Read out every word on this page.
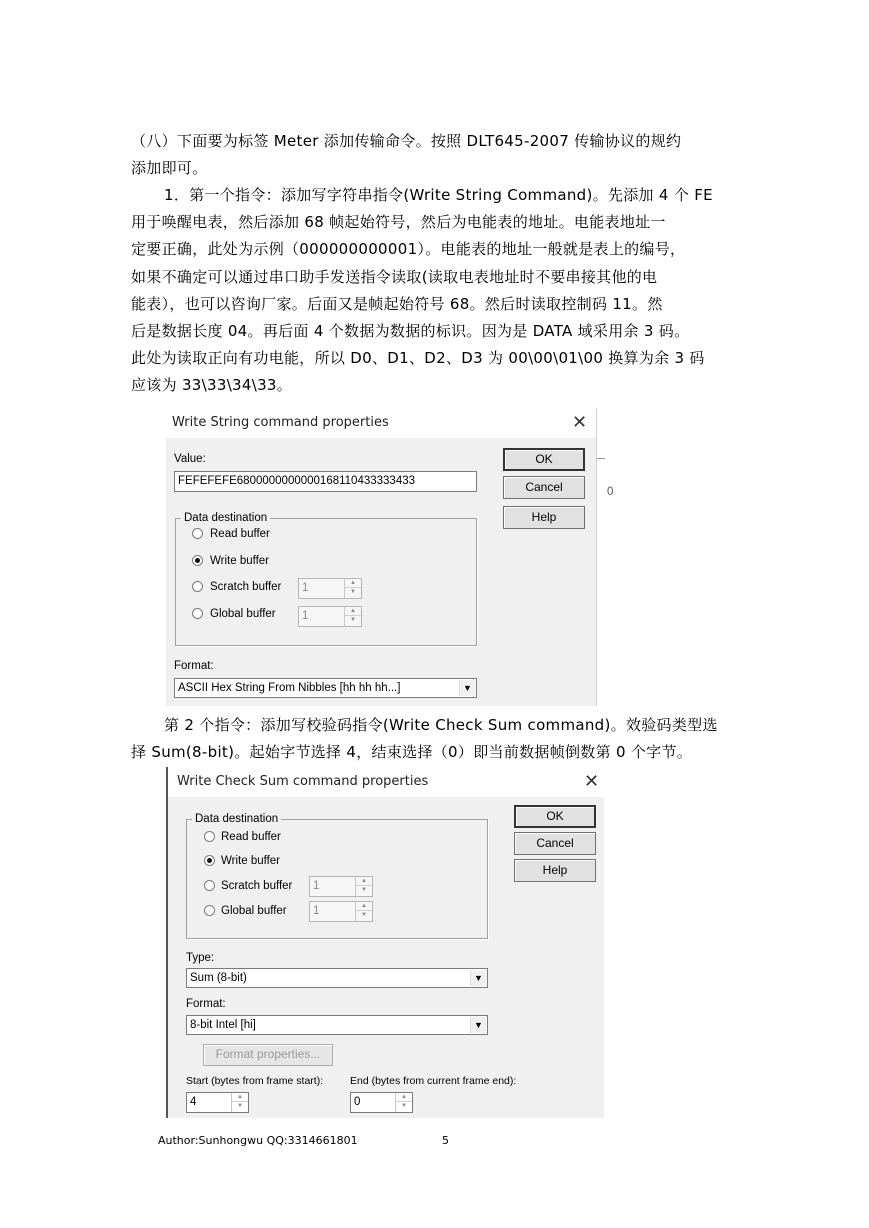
（八）下面要为标签 Meter 添加传输命令。按照 DLT645-2007 传输协议的规约
添加即可。
1．第一个指令：添加写字符串指令(Write String Command)。先添加 4 个 FE
用于唤醒电表，然后添加 68 帧起始符号，然后为电能表的地址。电能表地址一
定要正确，此处为示例（000000000001）。电能表的地址一般就是表上的编号，
如果不确定可以通过串口助手发送指令读取(读取电表地址时不要串接其他的电
能表），也可以咨询厂家。后面又是帧起始符号 68。然后时读取控制码 11。然
后是数据长度 04。再后面 4 个数据为数据的标识。因为是 DATA 域采用余 3 码。
此处为读取正向有功电能，所以 D0、D1、D2、D3 为 00\00\01\00 换算为余 3 码
应该为 33\33\34\33。
Write String command properties	✕
0
Value:
FEFEFEFE6800000000000168110433333433
OK
Cancel
Help
Data destination
Read buffer
Write buffer
Scratch buffer 1	▲
▼
Global buffer 1	▲
▼
Format:
ASCII Hex String From Nibbles [hh hh hh...]	▼
第 2 个指令：添加写校验码指令(Write Check Sum command)。效验码类型选
择 Sum(8-bit)。起始字节选择 4，结束选择（0）即当前数据帧倒数第 0 个字节。
Write Check Sum command properties	✕
Data destination
Read buffer
Write buffer
Scratch buffer 1	▲
▼
Global buffer 1	▲
▼
OK
Cancel
Help
Type:
Sum (8-bit)	▼
Format:
8-bit Intel [hi]	▼
Format properties...
Start (bytes from frame start):
4	▲
▼
End (bytes from current frame end):
0	▲
▼
Author:Sunhongwu QQ:3314661801	5
